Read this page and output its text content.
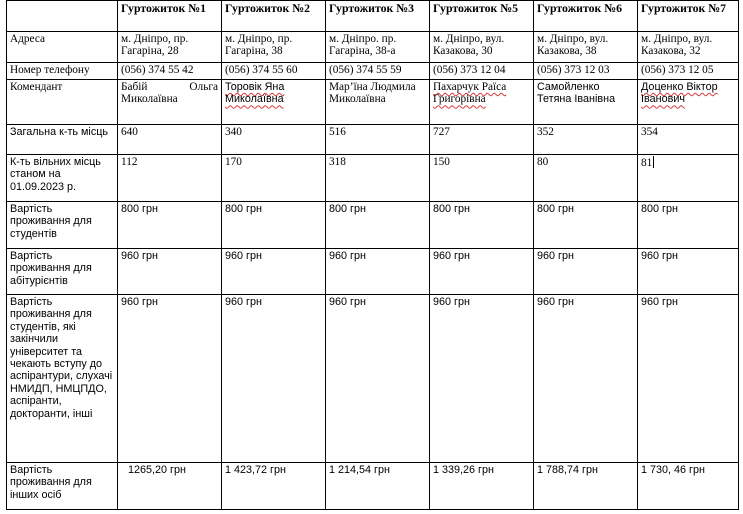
	Гуртожиток №1	Гуртожиток №2	Гуртожиток №3	Гуртожиток №5	Гуртожиток №6	Гуртожиток №7
Адреса	м. Дніпро, пр. Гагаріна, 28	м. Дніпро, пр. Гагаріна, 38	м. Дніпро. пр. Гагаріна, 38-а	м. Дніпро, вул. Казакова, 30	м. Дніпро, вул. Казакова, 38	м. Дніпро, вул. Казакова, 32
Номер телефону	(056) 374 55 42	(056) 374 55 60	(056) 374 55 59	(056) 373 12 04	(056) 373 12 03	(056) 373 12 05
Комендант	Бабій Ольга Миколаївна	Торовік Яна Миколаївна	Мар’їна Людмила Миколаївна	Пахарчук Раїса Григорівна	Самойленко Тетяна Іванівна	Доценко Віктор Іванович
Загальна к-ть місць	640	340	516	727	352	354
К-ть вільних місць станом на 01.09.2023 р.	112	170	318	150	80	81
Вартість проживання для студентів	800 грн	800 грн	800 грн	800 грн	800 грн	800 грн
Вартість проживання для абітурієнтів	960 грн	960 грн	960 грн	960 грн	960 грн	960 грн
Вартість проживання для студентів, які закінчили університет та чекають вступу до аспірантури, слухачі НМИДП, НМЦПДО, аспіранти, докторанти, інші	960 грн	960 грн	960 грн	960 грн	960 грн	960 грн
Вартість проживання для інших осіб	1265,20 грн	1 423,72 грн	1 214,54 грн	1 339,26 грн	1 788,74 грн	1 730, 46 грн
